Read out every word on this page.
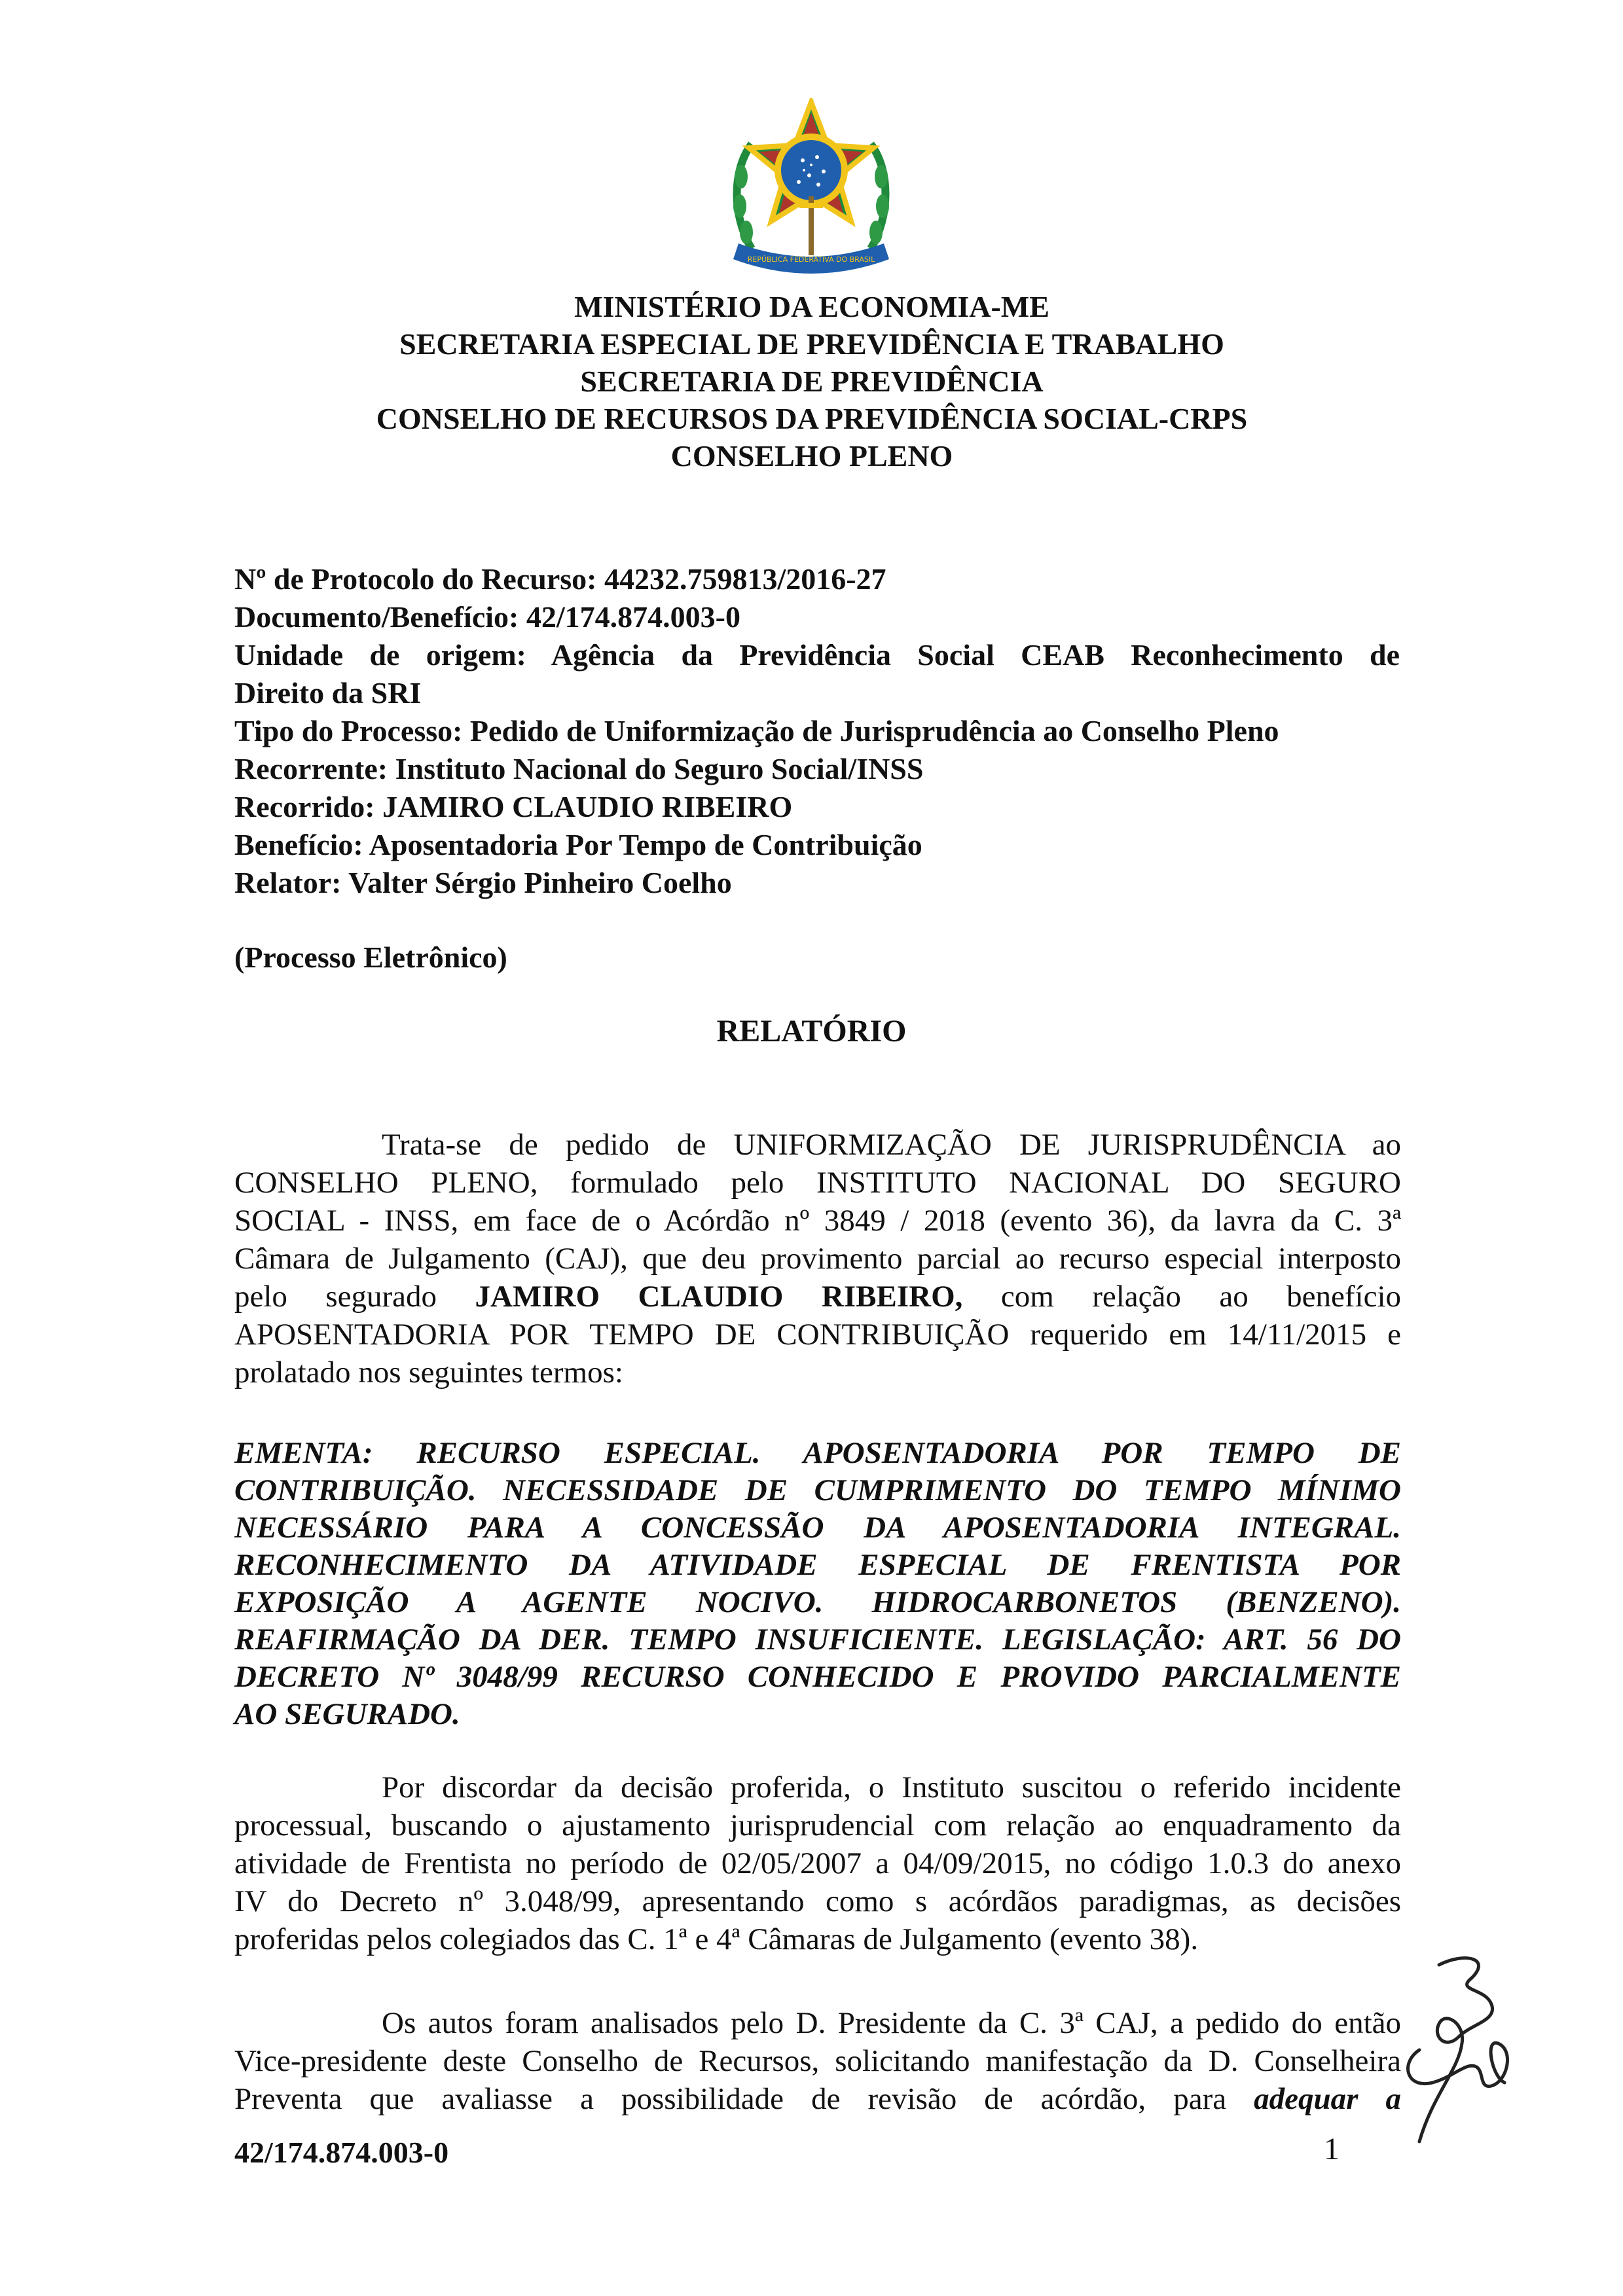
REPÚBLICA FEDERATIVA DO BRASIL
MINISTÉRIO DA ECONOMIA-ME
SECRETARIA ESPECIAL DE PREVIDÊNCIA E TRABALHO
SECRETARIA DE PREVIDÊNCIA
CONSELHO DE RECURSOS DA PREVIDÊNCIA SOCIAL-CRPS
CONSELHO PLENO
Nº de Protocolo do Recurso: 44232.759813/2016-27
Documento/Benefício: 42/174.874.003-0
Unidade de origem: Agência da Previdência Social CEAB Reconhecimento de
Direito da SRI
Tipo do Processo: Pedido de Uniformização de Jurisprudência ao Conselho Pleno
Recorrente: Instituto Nacional do Seguro Social/INSS
Recorrido: JAMIRO CLAUDIO RIBEIRO
Benefício: Aposentadoria Por Tempo de Contribuição
Relator: Valter Sérgio Pinheiro Coelho
(Processo Eletrônico)
RELATÓRIO
Trata-se de pedido de UNIFORMIZAÇÃO DE JURISPRUDÊNCIA ao
CONSELHO PLENO, formulado pelo INSTITUTO NACIONAL DO SEGURO
SOCIAL - INSS, em face de o Acórdão nº 3849 / 2018 (evento 36), da lavra da C. 3ª
Câmara de Julgamento (CAJ), que deu provimento parcial ao recurso especial interposto
pelo segurado JAMIRO CLAUDIO RIBEIRO, com relação ao benefício
APOSENTADORIA POR TEMPO DE CONTRIBUIÇÃO requerido em 14/11/2015 e
prolatado nos seguintes termos:
EMENTA: RECURSO ESPECIAL. APOSENTADORIA POR TEMPO DE
CONTRIBUIÇÃO. NECESSIDADE DE CUMPRIMENTO DO TEMPO MÍNIMO
NECESSÁRIO PARA A CONCESSÃO DA APOSENTADORIA INTEGRAL.
RECONHECIMENTO DA ATIVIDADE ESPECIAL DE FRENTISTA POR
EXPOSIÇÃO A AGENTE NOCIVO. HIDROCARBONETOS (BENZENO).
REAFIRMAÇÃO DA DER. TEMPO INSUFICIENTE. LEGISLAÇÃO: ART. 56 DO
DECRETO Nº 3048/99 RECURSO CONHECIDO E PROVIDO PARCIALMENTE
AO SEGURADO.
Por discordar da decisão proferida, o Instituto suscitou o referido incidente
processual, buscando o ajustamento jurisprudencial com relação ao enquadramento da
atividade de Frentista no período de 02/05/2007 a 04/09/2015, no código 1.0.3 do anexo
IV do Decreto nº 3.048/99, apresentando como s acórdãos paradigmas, as decisões
proferidas pelos colegiados das C. 1ª e 4ª Câmaras de Julgamento (evento 38).
Os autos foram analisados pelo D. Presidente da C. 3ª CAJ, a pedido do então
Vice-presidente deste Conselho de Recursos, solicitando manifestação da D. Conselheira
Preventa que avaliasse a possibilidade de revisão de acórdão, para adequar a
42/174.874.003-0	1
